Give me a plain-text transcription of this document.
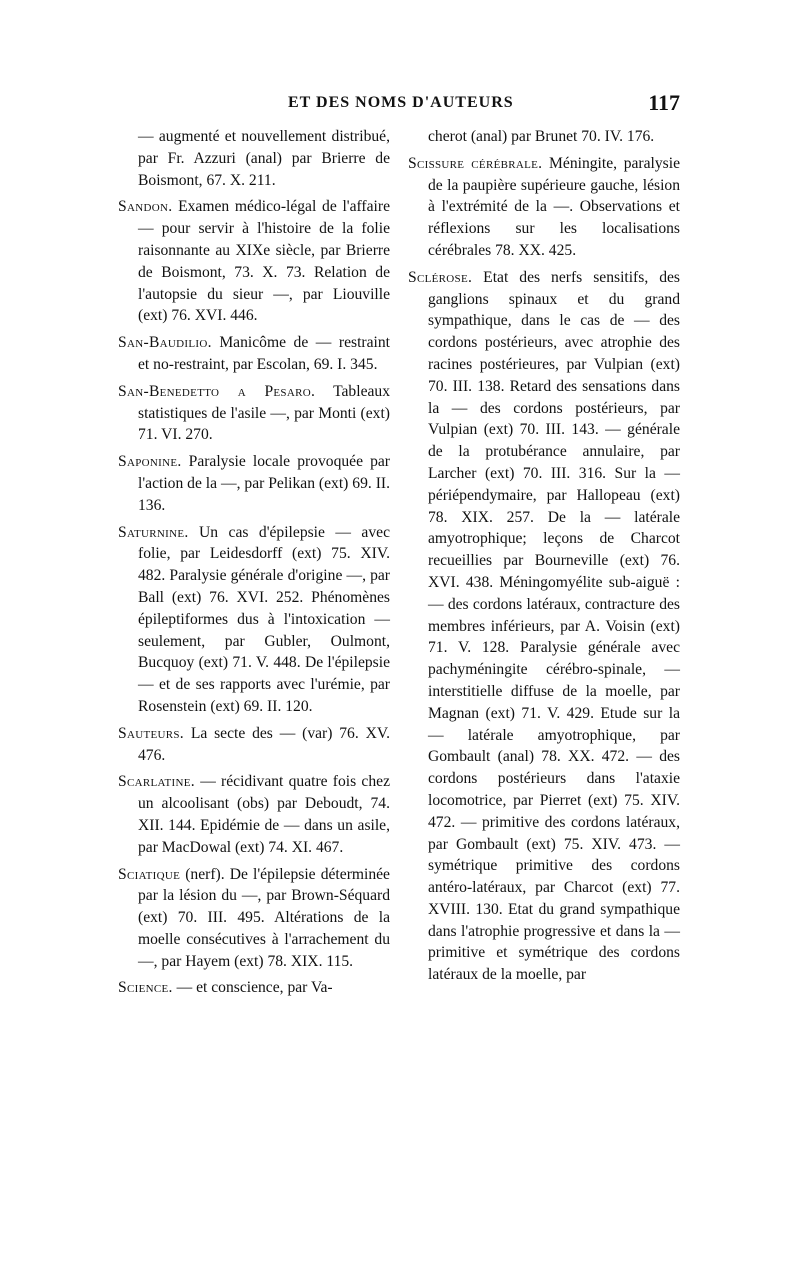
ET DES NOMS D'AUTEURS	117

— augmenté et nouvellement distribué, par Fr. Azzuri (anal) par Brierre de Boismont, 67. X. 211.

Sandon. Examen médico-légal de l'affaire — pour servir à l'histoire de la folie raisonnante au XIXe siècle, par Brierre de Boismont, 73. X. 73. Relation de l'autopsie du sieur —, par Liouville (ext) 76. XVI. 446.

San-Baudilio. Manicôme de — restraint et no-restraint, par Escolan, 69. I. 345.

San-Benedetto a Pesaro. Tableaux statistiques de l'asile —, par Monti (ext) 71. VI. 270.

Saponine. Paralysie locale provoquée par l'action de la —, par Pelikan (ext) 69. II. 136.

Saturnine. Un cas d'épilepsie — avec folie, par Leidesdorff (ext) 75. XIV. 482. Paralysie générale d'origine —, par Ball (ext) 76. XVI. 252. Phénomènes épileptiformes dus à l'intoxication — seulement, par Gubler, Oulmont, Bucquoy (ext) 71. V. 448. De l'épilepsie — et de ses rapports avec l'urémie, par Rosenstein (ext) 69. II. 120.

Sauteurs. La secte des — (var) 76. XV. 476.

Scarlatine. — récidivant quatre fois chez un alcoolisant (obs) par Deboudt, 74. XII. 144. Epidémie de — dans un asile, par MacDowal (ext) 74. XI. 467.

Sciatique (nerf). De l'épilepsie déterminée par la lésion du —, par Brown-Séquard (ext) 70. III. 495. Altérations de la moelle consécutives à l'arrachement du —, par Hayem (ext) 78. XIX. 115.

Science. — et conscience, par Va-

cherot (anal) par Brunet 70. IV. 176.

Scissure cérébrale. Méningite, paralysie de la paupière supérieure gauche, lésion à l'extrémité de la —. Observations et réflexions sur les localisations cérébrales 78. XX. 425.

Sclérose. Etat des nerfs sensitifs, des ganglions spinaux et du grand sympathique, dans le cas de — des cordons postérieurs, avec atrophie des racines postérieures, par Vulpian (ext) 70. III. 138. Retard des sensations dans la — des cordons postérieurs, par Vulpian (ext) 70. III. 143. — générale de la protubérance annulaire, par Larcher (ext) 70. III. 316. Sur la — périépendymaire, par Hallopeau (ext) 78. XIX. 257. De la — latérale amyotrophique; leçons de Charcot recueillies par Bourneville (ext) 76. XVI. 438. Méningomyélite sub-aiguë : — des cordons latéraux, contracture des membres inférieurs, par A. Voisin (ext) 71. V. 128. Paralysie générale avec pachyméningite cérébro-spinale, — interstitielle diffuse de la moelle, par Magnan (ext) 71. V. 429. Etude sur la — latérale amyotrophique, par Gombault (anal) 78. XX. 472. — des cordons postérieurs dans l'ataxie locomotrice, par Pierret (ext) 75. XIV. 472. — primitive des cordons latéraux, par Gombault (ext) 75. XIV. 473. — symétrique primitive des cordons antéro-latéraux, par Charcot (ext) 77. XVIII. 130. Etat du grand sympathique dans l'atrophie progressive et dans la — primitive et symétrique des cordons latéraux de la moelle, par
